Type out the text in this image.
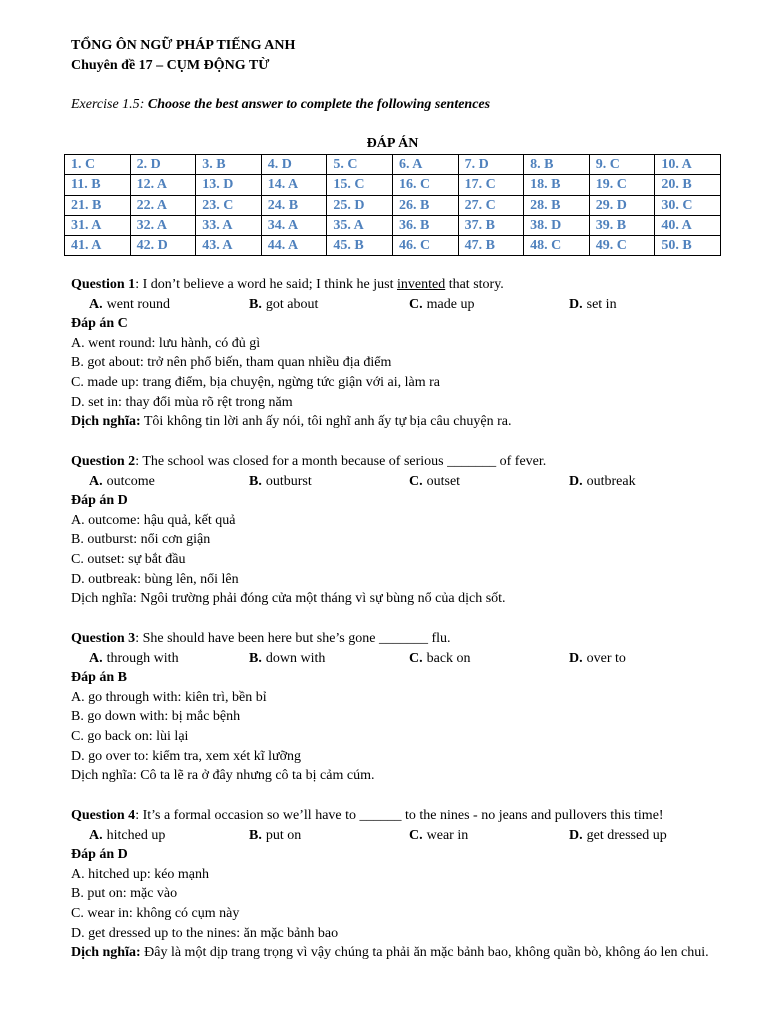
TỔNG ÔN NGỮ PHÁP TIẾNG ANH
Chuyên đề 17 – CỤM ĐỘNG TỪ
Exercise 1.5: Choose the best answer to complete the following sentences
ĐÁP ÁN
1. C	2. D	3. B	4. D	5. C	6. A	7. D	8. B	9. C	10. A
11. B	12. A	13. D	14. A	15. C	16. C	17. C	18. B	19. C	20. B
21. B	22. A	23. C	24. B	25. D	26. B	27. C	28. B	29. D	30. C
31. A	32. A	33. A	34. A	35. A	36. B	37. B	38. D	39. B	40. A
41. A	42. D	43. A	44. A	45. B	46. C	47. B	48. C	49. C	50. B
Question 1: I don’t believe a word he said; I think he just invented that story.
A. went round	B. got about	C. made up	D. set in
Đáp án C
A. went round: lưu hành, có đủ gì
B. got about: trở nên phổ biến, tham quan nhiều địa điểm
C. made up: trang điểm, bịa chuyện, ngừng tức giận với ai, làm ra
D. set in: thay đổi mùa rõ rệt trong năm
Dịch nghĩa: Tôi không tin lời anh ấy nói, tôi nghĩ anh ấy tự bịa câu chuyện ra.
Question 2: The school was closed for a month because of serious _______ of fever.
A. outcome	B. outburst	C. outset	D. outbreak
Đáp án D
A. outcome: hậu quả, kết quả
B. outburst: nổi cơn giận
C. outset: sự bắt đầu
D. outbreak: bùng lên, nổi lên
Dịch nghĩa: Ngôi trường phải đóng cửa một tháng vì sự bùng nổ của dịch sốt.
Question 3: She should have been here but she’s gone _______ flu.
A. through with	B. down with	C. back on	D. over to
Đáp án B
A. go through with: kiên trì, bền bỉ
B. go down with: bị mắc bệnh
C. go back on: lùi lại
D. go over to: kiểm tra, xem xét kĩ lưỡng
Dịch nghĩa: Cô ta lẽ ra ở đây nhưng cô ta bị cảm cúm.
Question 4: It’s a formal occasion so we’ll have to ______ to the nines - no jeans and pullovers this time!
A. hitched up	B. put on	C. wear in	D. get dressed up
Đáp án D
A. hitched up: kéo mạnh
B. put on: mặc vào
C. wear in: không có cụm này
D. get dressed up to the nines: ăn mặc bảnh bao
Dịch nghĩa: Đây là một dịp trang trọng vì vậy chúng ta phải ăn mặc bảnh bao, không quần bò, không áo len chui.
